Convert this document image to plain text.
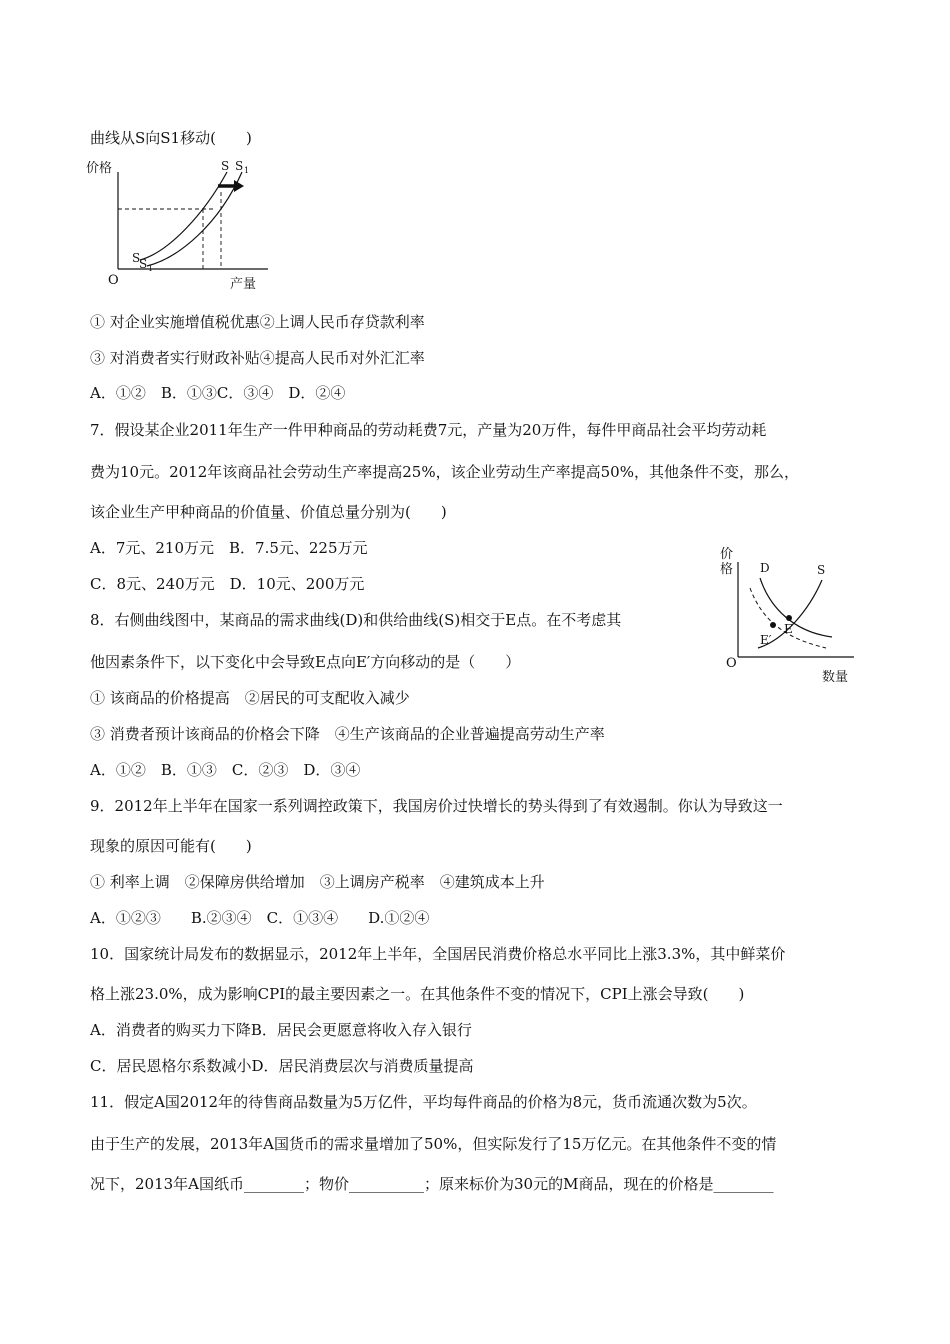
曲线从S向S1移动(　　)
价格	S S 1
S
S 1
O	产量
① 对企业实施增值税优惠②上调人民币存贷款利率
③ 对消费者实行财政补贴④提高人民币对外汇汇率
A．①②　B．①③C．③④　D．②④
7．假设某企业2011年生产一件甲种商品的劳动耗费7元，产量为20万件，每件甲商品社会平均劳动耗
费为10元。2012年该商品社会劳动生产率提高25%，该企业劳动生产率提高50%，其他条件不变，那么，
该企业生产甲种商品的价值量、价值总量分别为(　　)
A．7元、210万元　B．7.5元、225万元
C．8元、240万元　D．10元、200万元
价
格 D	S
E
E′
O
数量
8．右侧曲线图中，某商品的需求曲线(D)和供给曲线(S)相交于E点。在不考虑其
他因素条件下，以下变化中会导致E点向E′方向移动的是（　　）
① 该商品的价格提高　②居民的可支配收入减少
③ 消费者预计该商品的价格会下降　④生产该商品的企业普遍提高劳动生产率
A．①②　B．①③　C．②③　D．③④
9．2012年上半年在国家一系列调控政策下，我国房价过快增长的势头得到了有效遏制。你认为导致这一
现象的原因可能有(　　)
① 利率上调　②保障房供给增加　③上调房产税率　④建筑成本上升
A．①②③　　B.②③④　C．①③④　　D.①②④
10．国家统计局发布的数据显示，2012年上半年，全国居民消费价格总水平同比上涨3.3%，其中鲜菜价
格上涨23.0%，成为影响CPI的最主要因素之一。在其他条件不变的情况下，CPI上涨会导致(　　)
A．消费者的购买力下降B．居民会更愿意将收入存入银行
C．居民恩格尔系数减小D．居民消费层次与消费质量提高
11．假定A国2012年的待售商品数量为5万亿件，平均每件商品的价格为8元，货币流通次数为5次。
由于生产的发展，2013年A国货币的需求量增加了50%，但实际发行了15万亿元。在其他条件不变的情
况下，2013年A国纸币________；物价__________；原来标价为30元的M商品，现在的价格是________
